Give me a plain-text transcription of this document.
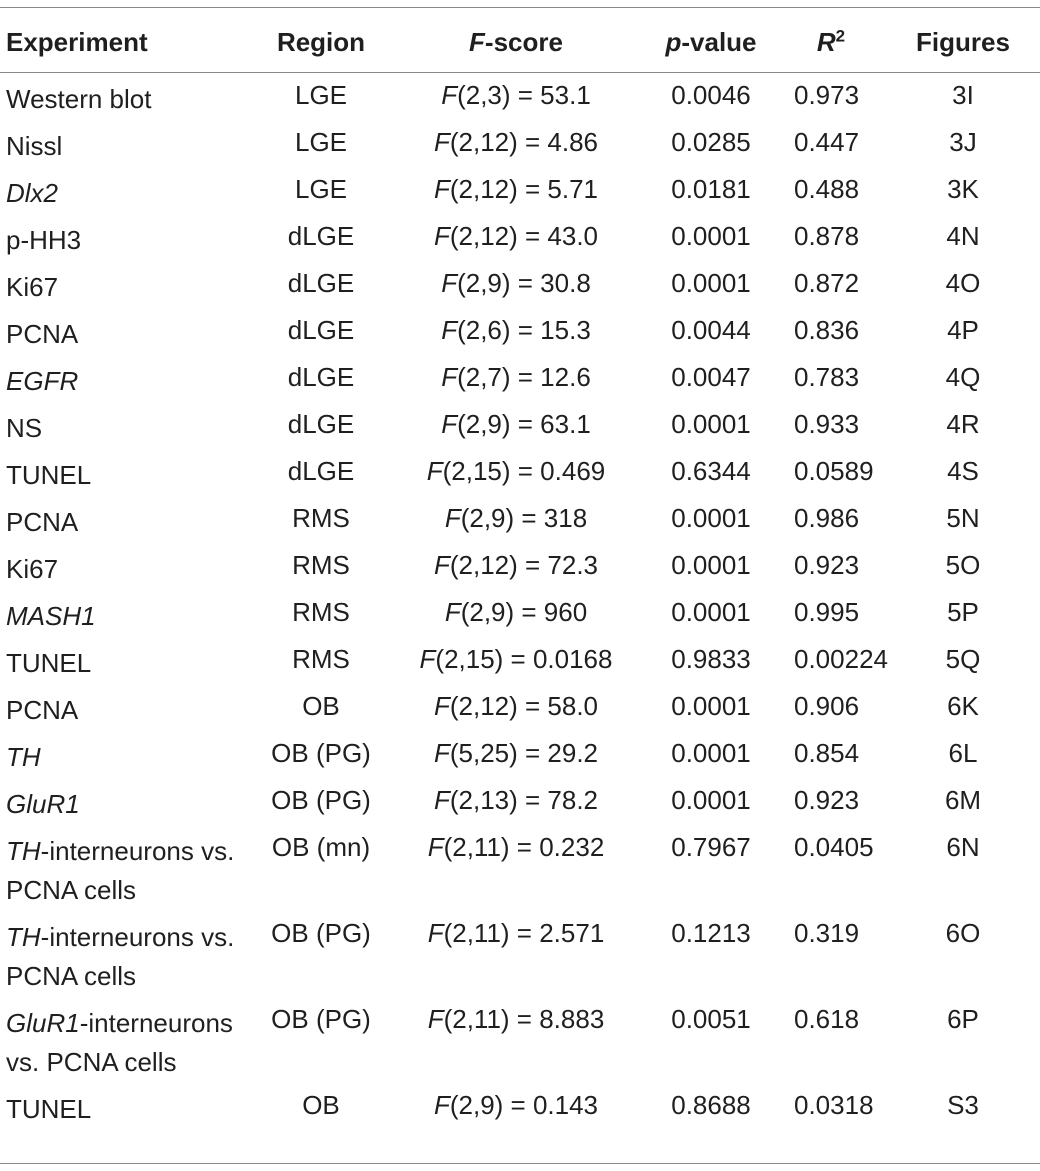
Experiment	Region	F-score	p-value	$R^2$	Figures
Western blot	LGE	F(2,3) = 53.1	0.0046	0.973	3I
Nissl	LGE	F(2,12) = 4.86	0.0285	0.447	3J
Dlx2	LGE	F(2,12) = 5.71	0.0181	0.488	3K
p-HH3	dLGE	F(2,12) = 43.0	0.0001	0.878	4N
Ki67	dLGE	F(2,9) = 30.8	0.0001	0.872	4O
PCNA	dLGE	F(2,6) = 15.3	0.0044	0.836	4P
EGFR	dLGE	F(2,7) = 12.6	0.0047	0.783	4Q
NS	dLGE	F(2,9) = 63.1	0.0001	0.933	4R
TUNEL	dLGE	F(2,15) = 0.469	0.6344	0.0589	4S
PCNA	RMS	F(2,9) = 318	0.0001	0.986	5N
Ki67	RMS	F(2,12) = 72.3	0.0001	0.923	5O
MASH1	RMS	F(2,9) = 960	0.0001	0.995	5P
TUNEL	RMS	F(2,15) = 0.0168	0.9833	0.00224	5Q
PCNA	OB	F(2,12) = 58.0	0.0001	0.906	6K
TH	OB (PG)	F(5,25) = 29.2	0.0001	0.854	6L
GluR1	OB (PG)	F(2,13) = 78.2	0.0001	0.923	6M
TH-interneurons vs. PCNA cells	OB (mn)	F(2,11) = 0.232	0.7967	0.0405	6N
TH-interneurons vs. PCNA cells	OB (PG)	F(2,11) = 2.571	0.1213	0.319	6O
GluR1-interneurons vs. PCNA cells	OB (PG)	F(2,11) = 8.883	0.0051	0.618	6P
TUNEL	OB	F(2,9) = 0.143	0.8688	0.0318	S3
